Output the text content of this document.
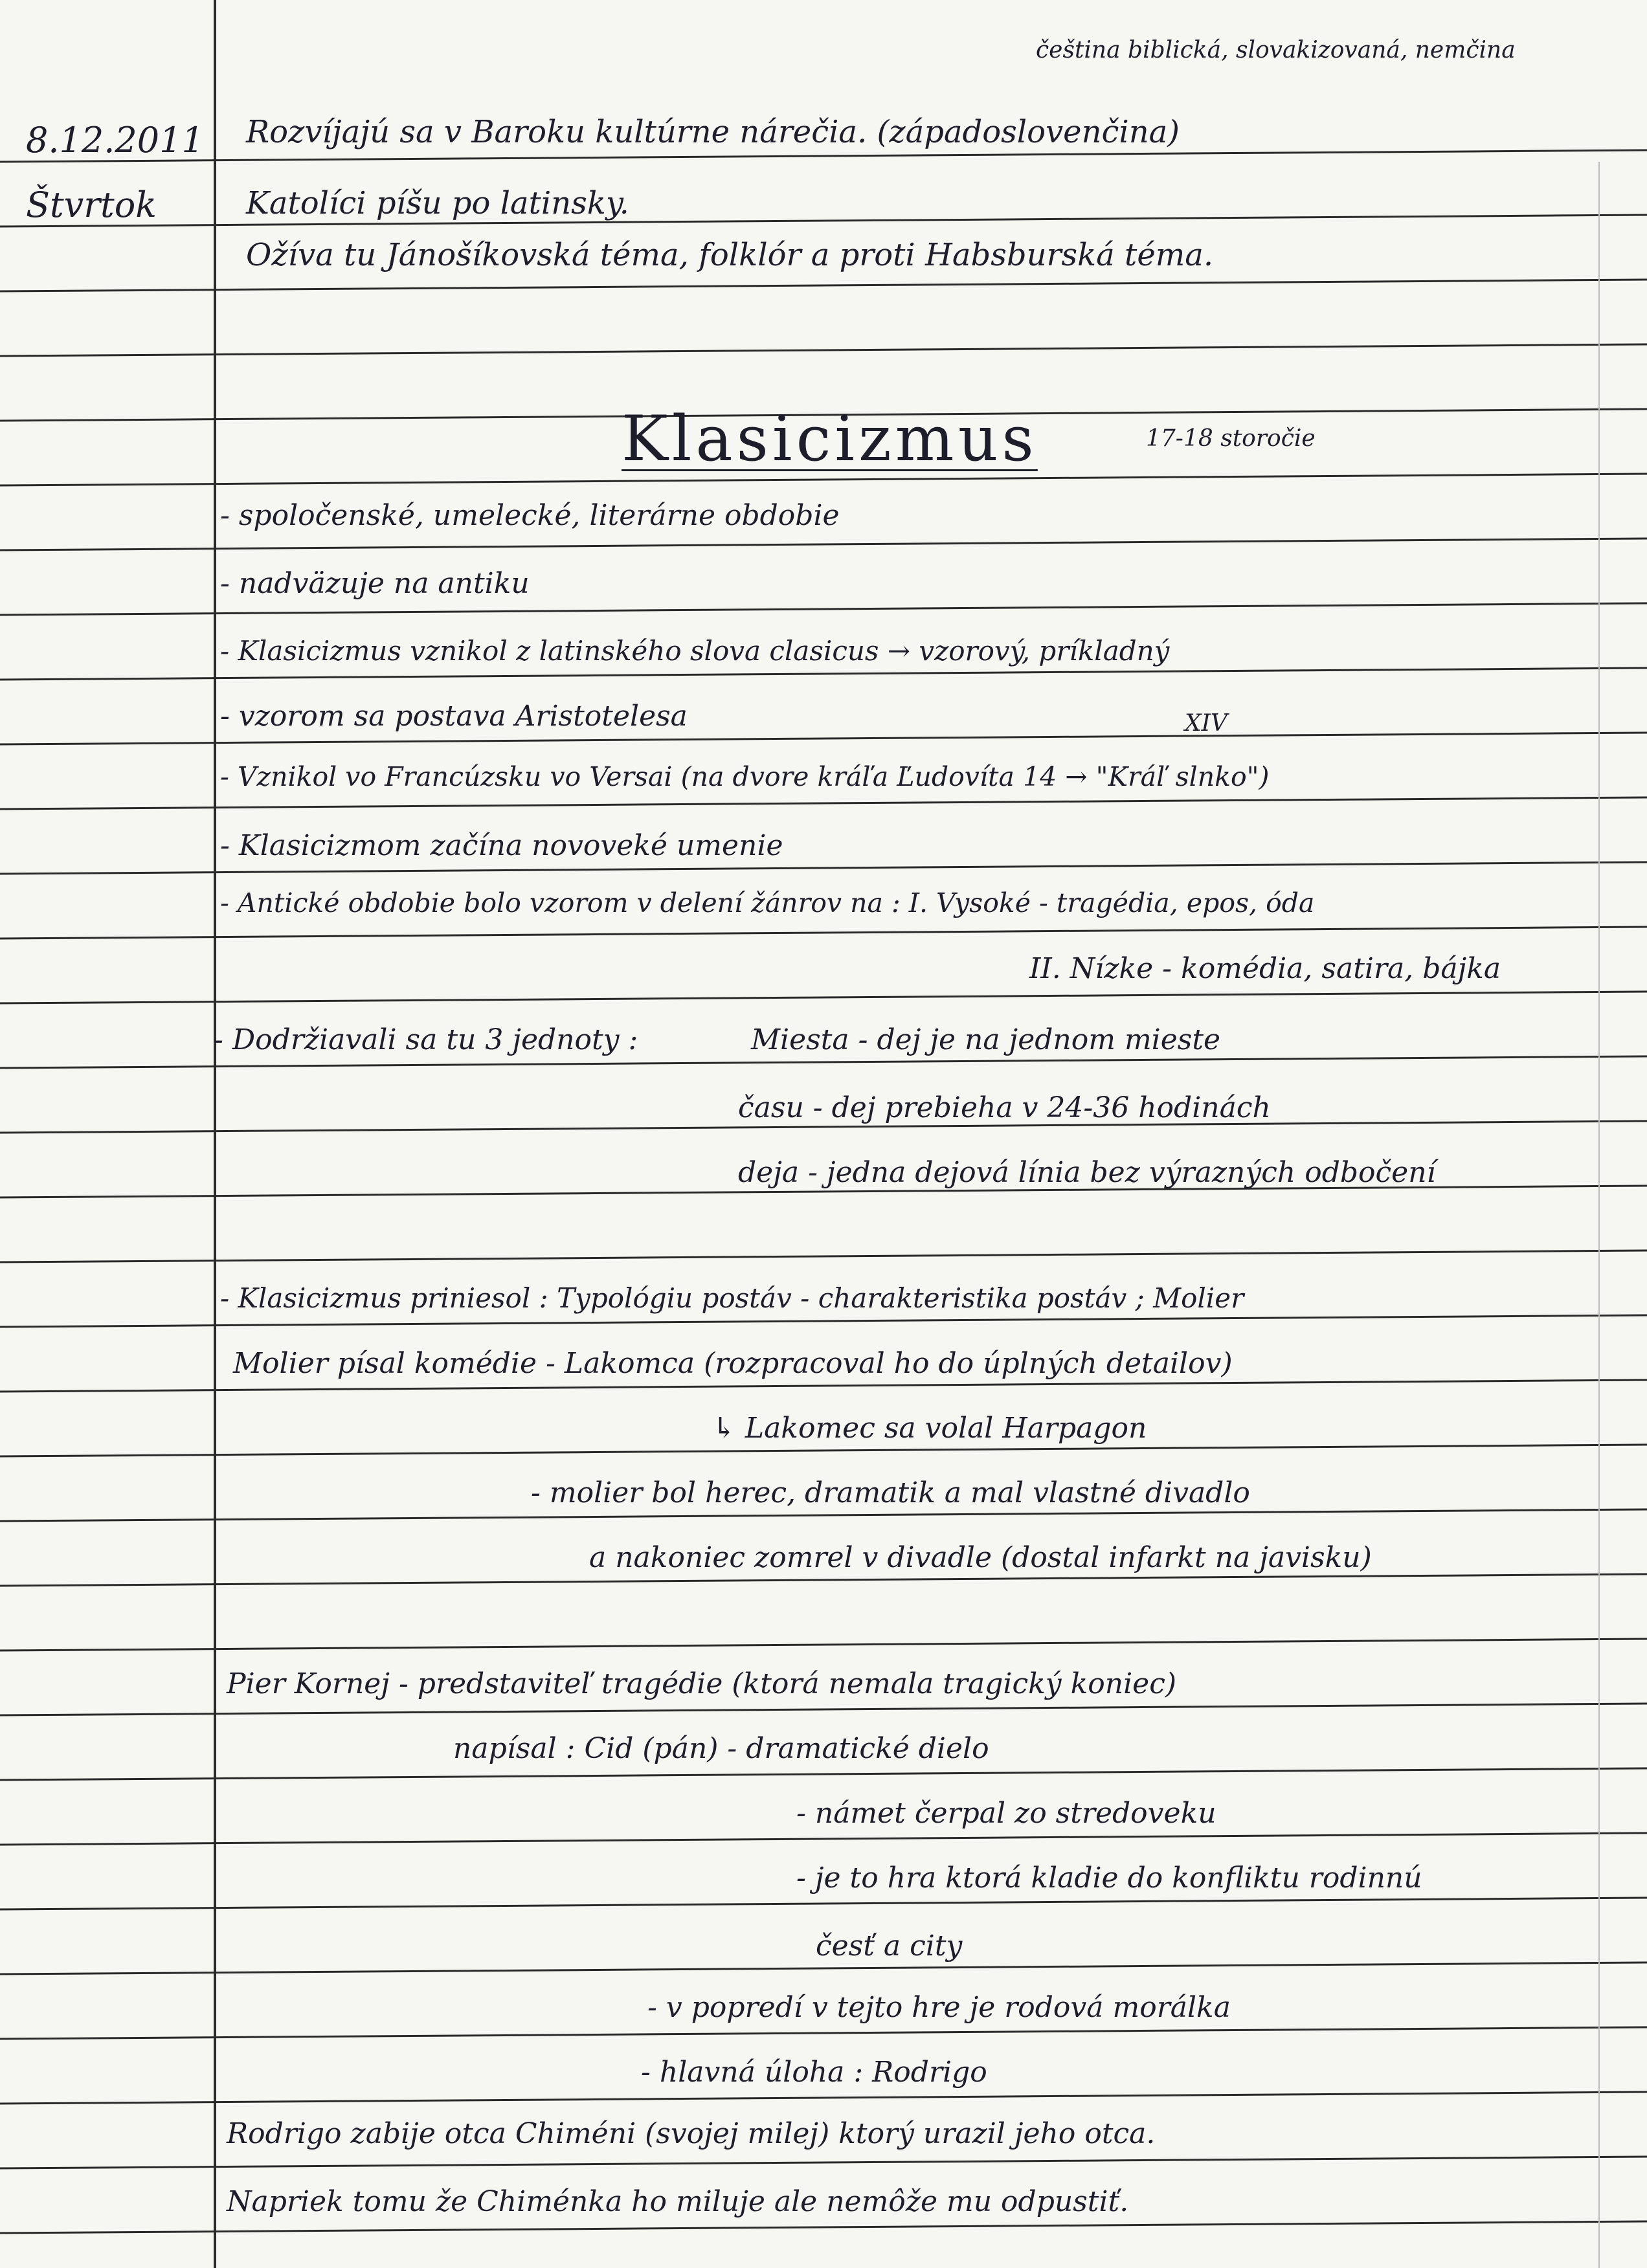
čeština biblická, slovakizovaná, nemčina
8.12.2011
Štvrtok
Rozvíjajú sa v Baroku kultúrne nárečia. (západoslovenčina)
Katolíci píšu po latinsky.
Ožíva tu Jánošíkovská téma, folklór a proti Habsburská téma.
Klasicizmus	17-18 storočie
- spoločenské, umelecké, literárne obdobie
- nadväzuje na antiku
- Klasicizmus vznikol z latinského slova clasicus → vzorový, príkladný
- vzorom sa postava Aristotelesa	XIV
- Vznikol vo Francúzsku vo Versai (na dvore kráľa Ľudovíta 14 → "Kráľ slnko")
- Klasicizmom začína novoveké umenie
- Antické obdobie bolo vzorom v delení žánrov na : I. Vysoké - tragédia, epos, óda
II. Nízke - komédia, satira, bájka
- Dodržiavali sa tu 3 jednoty :	Miesta - dej je na jednom mieste
času - dej prebieha v 24-36 hodinách
deja - jedna dejová línia bez výrazných odbočení
- Klasicizmus priniesol : Typológiu postáv - charakteristika postáv ; Molier
Molier písal komédie - Lakomca (rozpracoval ho do úplných detailov)
↳ Lakomec sa volal Harpagon
- molier bol herec, dramatik a mal vlastné divadlo
a nakoniec zomrel v divadle (dostal infarkt na javisku)
Pier Kornej - predstaviteľ tragédie (ktorá nemala tragický koniec)
napísal : Cid (pán) - dramatické dielo
- námet čerpal zo stredoveku
- je to hra ktorá kladie do konfliktu rodinnú
česť a city
- v popredí v tejto hre je rodová morálka
- hlavná úloha : Rodrigo
Rodrigo zabije otca Chiméni (svojej milej) ktorý urazil jeho otca.
Napriek tomu že Chiménka ho miluje ale nemôže mu odpustiť.
